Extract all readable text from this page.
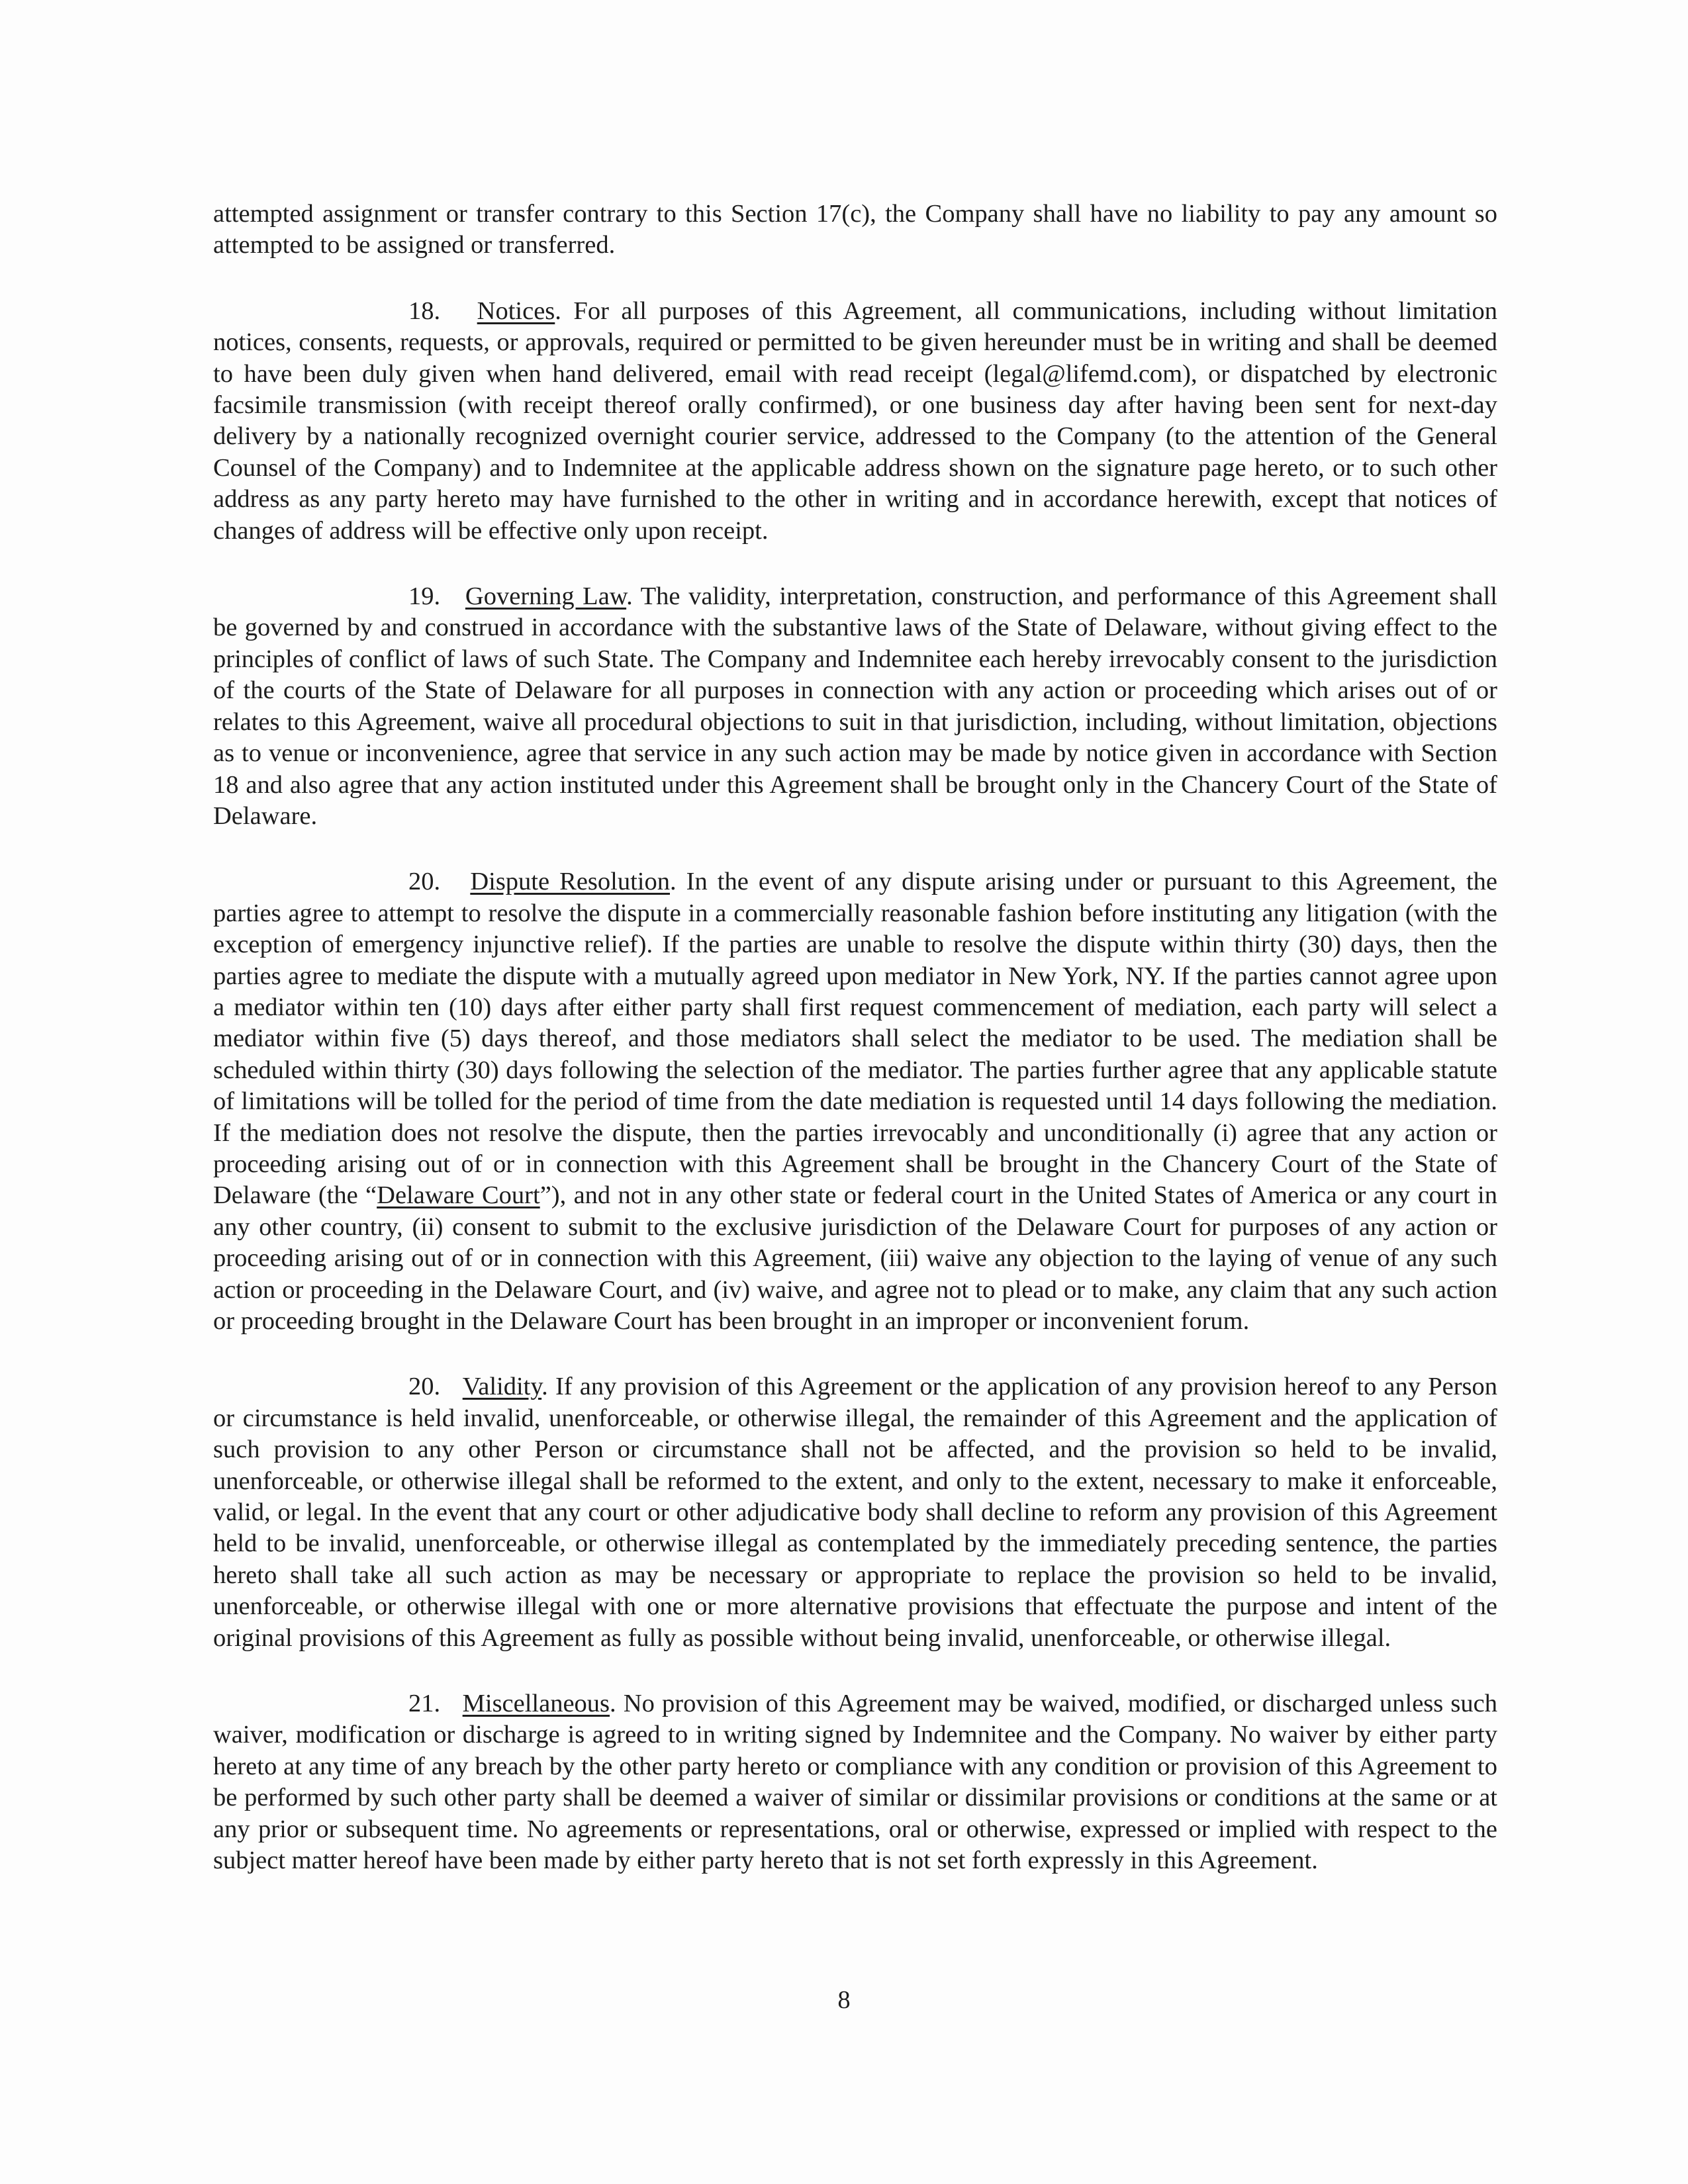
attempted assignment or transfer contrary to this Section 17(c), the Company shall have no liability to pay any amount so attempted to be assigned or transferred.

18. Notices. For all purposes of this Agreement, all communications, including without limitation notices, consents, requests, or approvals, required or permitted to be given hereunder must be in writing and shall be deemed to have been duly given when hand delivered, email with read receipt (legal@lifemd.com), or dispatched by electronic facsimile transmission (with receipt thereof orally confirmed), or one business day after having been sent for next-day delivery by a nationally recognized overnight courier service, addressed to the Company (to the attention of the General Counsel of the Company) and to Indemnitee at the applicable address shown on the signature page hereto, or to such other address as any party hereto may have furnished to the other in writing and in accordance herewith, except that notices of changes of address will be effective only upon receipt.

19. Governing Law. The validity, interpretation, construction, and performance of this Agreement shall be governed by and construed in accordance with the substantive laws of the State of Delaware, without giving effect to the principles of conflict of laws of such State. The Company and Indemnitee each hereby irrevocably consent to the jurisdiction of the courts of the State of Delaware for all purposes in connection with any action or proceeding which arises out of or relates to this Agreement, waive all procedural objections to suit in that jurisdiction, including, without limitation, objections as to venue or inconvenience, agree that service in any such action may be made by notice given in accordance with Section 18 and also agree that any action instituted under this Agreement shall be brought only in the Chancery Court of the State of Delaware.

20. Dispute Resolution. In the event of any dispute arising under or pursuant to this Agreement, the parties agree to attempt to resolve the dispute in a commercially reasonable fashion before instituting any litigation (with the exception of emergency injunctive relief). If the parties are unable to resolve the dispute within thirty (30) days, then the parties agree to mediate the dispute with a mutually agreed upon mediator in New York, NY. If the parties cannot agree upon a mediator within ten (10) days after either party shall first request commencement of mediation, each party will select a mediator within five (5) days thereof, and those mediators shall select the mediator to be used. The mediation shall be scheduled within thirty (30) days following the selection of the mediator. The parties further agree that any applicable statute of limitations will be tolled for the period of time from the date mediation is requested until 14 days following the mediation. If the mediation does not resolve the dispute, then the parties irrevocably and unconditionally (i) agree that any action or proceeding arising out of or in connection with this Agreement shall be brought in the Chancery Court of the State of Delaware (the “Delaware Court”), and not in any other state or federal court in the United States of America or any court in any other country, (ii) consent to submit to the exclusive jurisdiction of the Delaware Court for purposes of any action or proceeding arising out of or in connection with this Agreement, (iii) waive any objection to the laying of venue of any such action or proceeding in the Delaware Court, and (iv) waive, and agree not to plead or to make, any claim that any such action or proceeding brought in the Delaware Court has been brought in an improper or inconvenient forum.

20. Validity. If any provision of this Agreement or the application of any provision hereof to any Person or circumstance is held invalid, unenforceable, or otherwise illegal, the remainder of this Agreement and the application of such provision to any other Person or circumstance shall not be affected, and the provision so held to be invalid, unenforceable, or otherwise illegal shall be reformed to the extent, and only to the extent, necessary to make it enforceable, valid, or legal. In the event that any court or other adjudicative body shall decline to reform any provision of this Agreement held to be invalid, unenforceable, or otherwise illegal as contemplated by the immediately preceding sentence, the parties hereto shall take all such action as may be necessary or appropriate to replace the provision so held to be invalid, unenforceable, or otherwise illegal with one or more alternative provisions that effectuate the purpose and intent of the original provisions of this Agreement as fully as possible without being invalid, unenforceable, or otherwise illegal.

21. Miscellaneous. No provision of this Agreement may be waived, modified, or discharged unless such waiver, modification or discharge is agreed to in writing signed by Indemnitee and the Company. No waiver by either party hereto at any time of any breach by the other party hereto or compliance with any condition or provision of this Agreement to be performed by such other party shall be deemed a waiver of similar or dissimilar provisions or conditions at the same or at any prior or subsequent time. No agreements or representations, oral or otherwise, expressed or implied with respect to the subject matter hereof have been made by either party hereto that is not set forth expressly in this Agreement.

8
